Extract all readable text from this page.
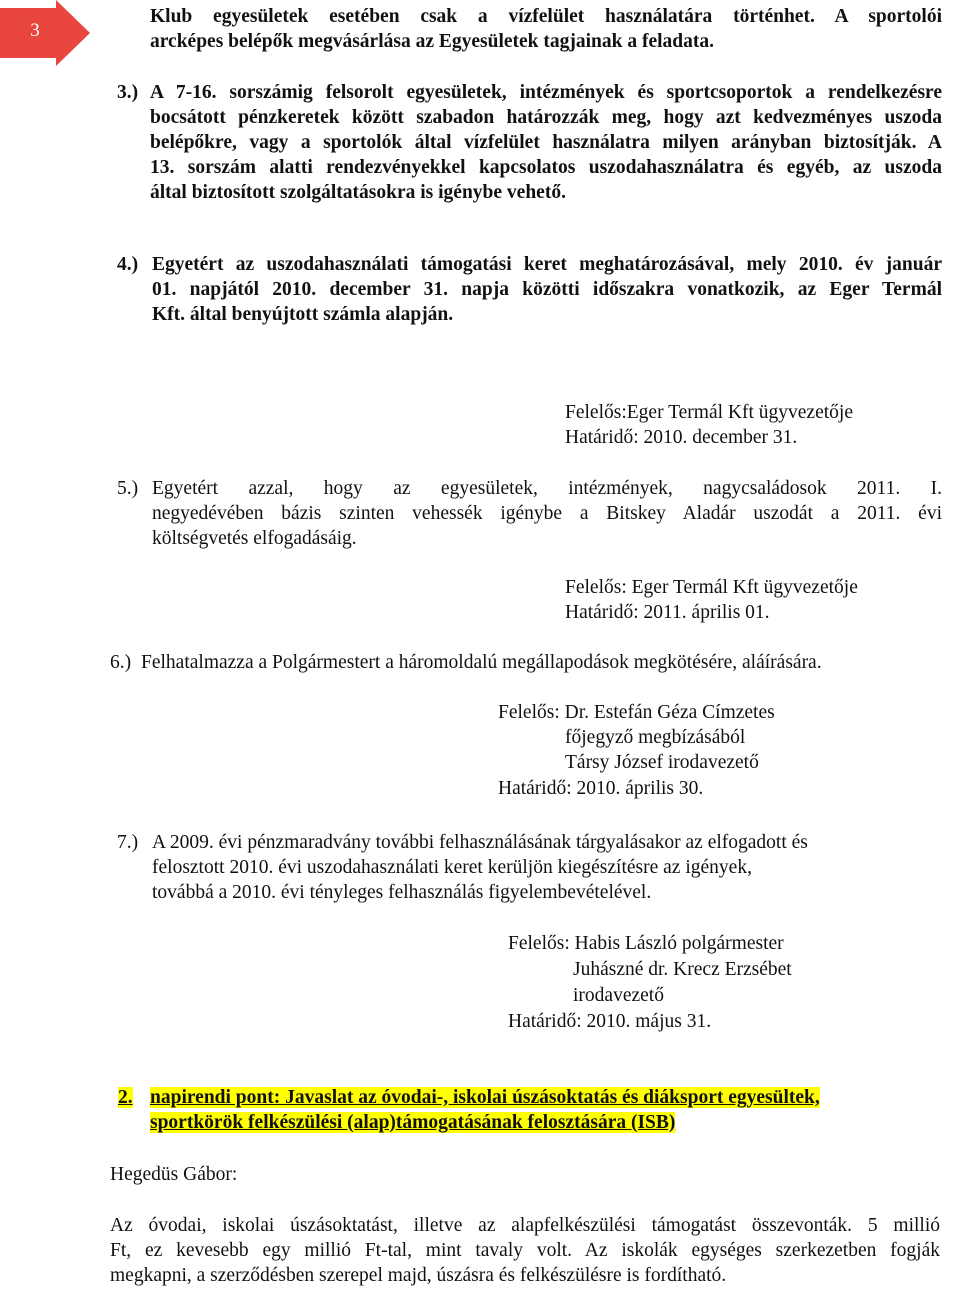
3
Klub egyesületek esetében csak a vízfelület használatára történhet. A sportolói
arcképes belépők megvásárlása az Egyesületek tagjainak a feladata.
3.) A 7-16. sorszámig felsorolt egyesületek, intézmények és sportcsoportok a rendelkezésre
bocsátott pénzkeretek között szabadon határozzák meg, hogy azt kedvezményes uszoda
belépőkre, vagy a sportolók által vízfelület használatra milyen arányban biztosítják. A
13. sorszám alatti rendezvényekkel kapcsolatos uszodahasználatra és egyéb, az uszoda
által biztosított szolgáltatásokra is igénybe vehető.
4.) Egyetért az uszodahasználati támogatási keret meghatározásával, mely 2010. év január
01. napjától 2010. december 31. napja közötti időszakra vonatkozik, az Eger Termál
Kft. által benyújtott számla alapján.
Felelős:Eger Termál Kft ügyvezetője
Határidő: 2010. december 31.
5.) Egyetért azzal, hogy az egyesületek, intézmények, nagycsaládosok 2011. I.
negyedévében bázis szinten vehessék igénybe a Bitskey Aladár uszodát a 2011. évi
költségvetés elfogadásáig.
Felelős: Eger Termál Kft ügyvezetője
Határidő: 2011. április 01.
6.) Felhatalmazza a Polgármestert a háromoldalú megállapodások megkötésére, aláírására.
Felelős: Dr. Estefán Géza Címzetes
főjegyző megbízásából
Társy József irodavezető
Határidő: 2010. április 30.
7.) A 2009. évi pénzmaradvány további felhasználásának tárgyalásakor az elfogadott és
felosztott 2010. évi uszodahasználati keret kerüljön kiegészítésre az igények,
továbbá a 2010. évi tényleges felhasználás figyelembevételével.
Felelős: Habis László polgármester
Juhászné dr. Krecz Erzsébet
irodavezető
Határidő: 2010. május 31.
2. napirendi pont: Javaslat az óvodai-, iskolai úszásoktatás és diáksport egyesültek,
sportkörök felkészülési (alap)támogatásának felosztására (ISB)
Hegedüs Gábor:
Az óvodai, iskolai úszásoktatást, illetve az alapfelkészülési támogatást összevonták. 5 millió
Ft, ez kevesebb egy millió Ft-tal, mint tavaly volt. Az iskolák egységes szerkezetben fogják
megkapni, a szerződésben szerepel majd, úszásra és felkészülésre is fordítható.
